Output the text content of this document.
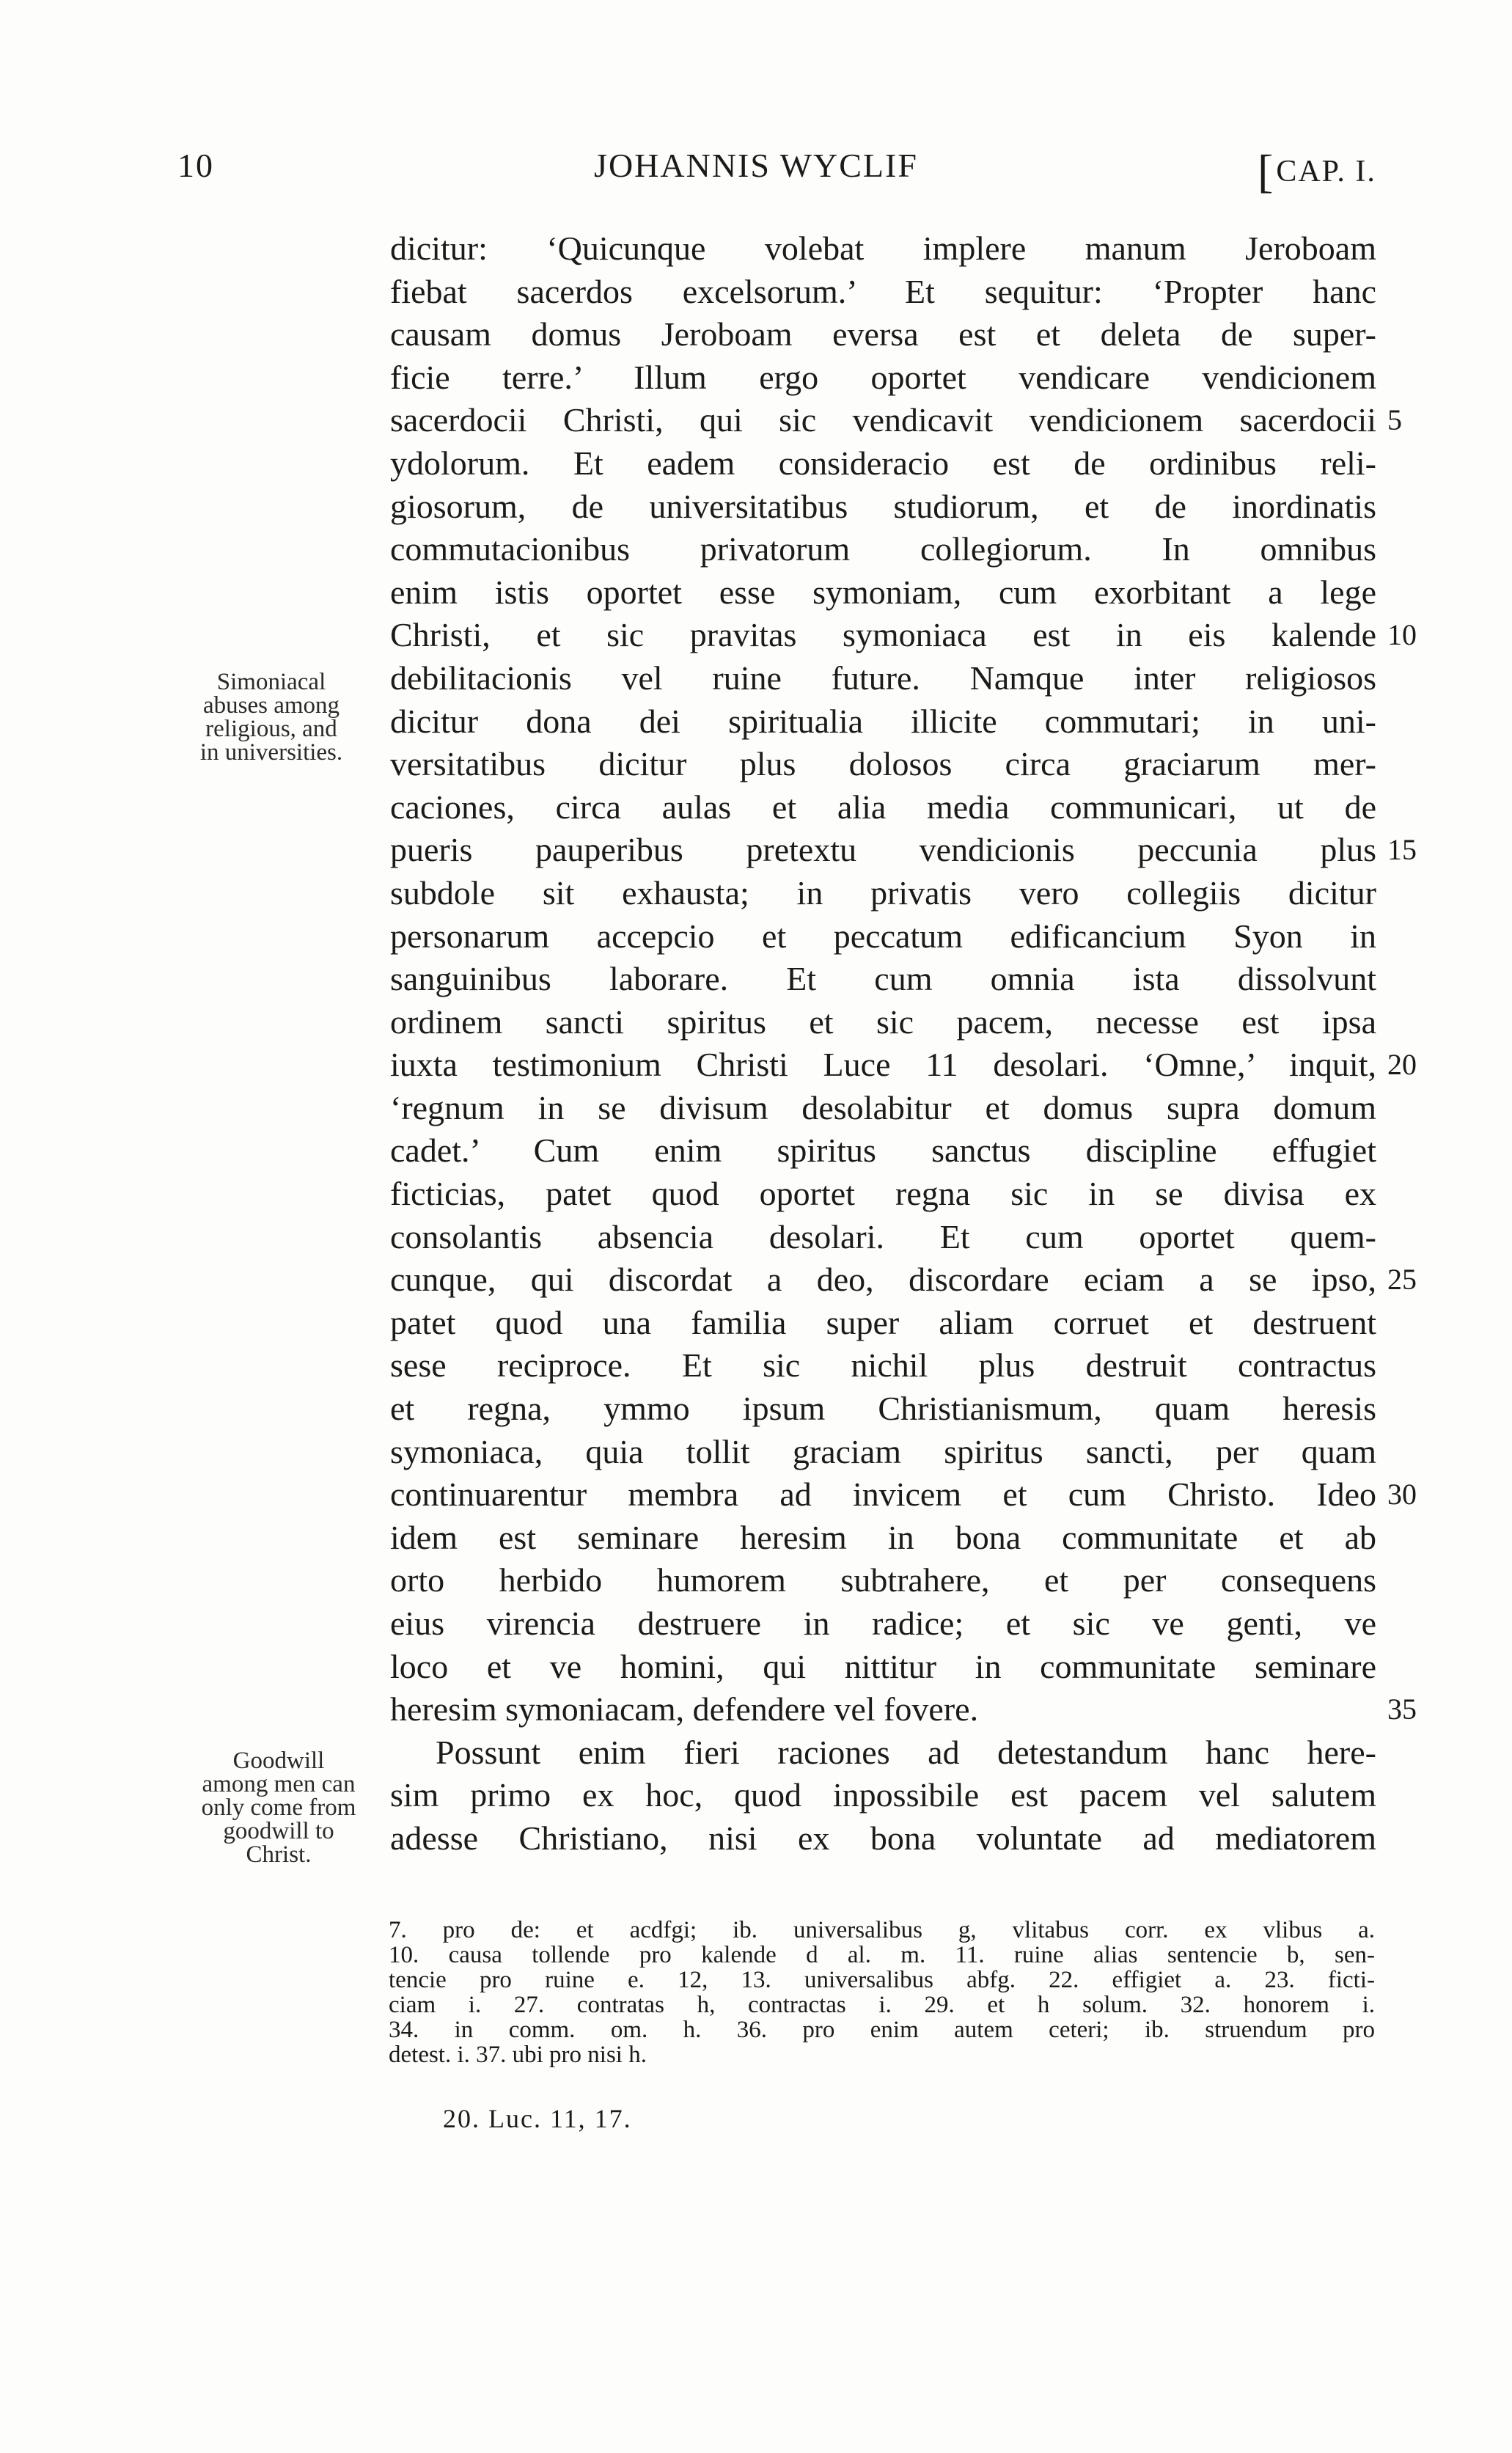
10	JOHANNIS WYCLIF	[CAP. I.
dicitur: ‘Quicunque volebat implere manum Jeroboam
fiebat sacerdos excelsorum.’ Et sequitur: ‘Propter hanc
causam domus Jeroboam eversa est et deleta de super-
ficie terre.’ Illum ergo oportet vendicare vendicionem
sacerdocii Christi, qui sic vendicavit vendicionem sacerdocii 5
ydolorum. Et eadem consideracio est de ordinibus reli-
giosorum, de universitatibus studiorum, et de inordinatis
commutacionibus privatorum collegiorum. In omnibus
enim istis oportet esse symoniam, cum exorbitant a lege
Christi, et sic pravitas symoniaca est in eis kalende 10
debilitacionis vel ruine future. Namque inter religiosos
dicitur dona dei spiritualia illicite commutari; in uni-
versitatibus dicitur plus dolosos circa graciarum mer-
caciones, circa aulas et alia media communicari, ut de
pueris pauperibus pretextu vendicionis peccunia plus 15
subdole sit exhausta; in privatis vero collegiis dicitur
personarum accepcio et peccatum edificancium Syon in
sanguinibus laborare. Et cum omnia ista dissolvunt
ordinem sancti spiritus et sic pacem, necesse est ipsa
iuxta testimonium Christi Luce 11 desolari. ‘Omne,’ inquit, 20
‘regnum in se divisum desolabitur et domus supra domum
cadet.’ Cum enim spiritus sanctus discipline effugiet
ficticias, patet quod oportet regna sic in se divisa ex
consolantis absencia desolari. Et cum oportet quem-
cunque, qui discordat a deo, discordare eciam a se ipso, 25
patet quod una familia super aliam corruet et destruent
sese reciproce. Et sic nichil plus destruit contractus
et regna, ymmo ipsum Christianismum, quam heresis
symoniaca, quia tollit graciam spiritus sancti, per quam
continuarentur membra ad invicem et cum Christo. Ideo 30
idem est seminare heresim in bona communitate et ab
orto herbido humorem subtrahere, et per consequens
eius virencia destruere in radice; et sic ve genti, ve
loco et ve homini, qui nittitur in communitate seminare
heresim symoniacam, defendere vel fovere.	35
Possunt enim fieri raciones ad detestandum hanc here-
sim primo ex hoc, quod inpossibile est pacem vel salutem
adesse Christiano, nisi ex bona voluntate ad mediatorem
Simoniacal
abuses among
religious, and
in universities.
Goodwill
among men can
only come from
goodwill to
Christ.
7. pro de: et acdfgi; ib. universalibus g, vlitabus corr. ex vlibus a.
10. causa tollende pro kalende d al. m. 11. ruine alias sentencie b, sen-
tencie pro ruine e. 12, 13. universalibus abfg. 22. effigiet a. 23. ficti-
ciam i. 27. contratas h, contractas i. 29. et h solum. 32. honorem i.
34. in comm. om. h. 36. pro enim autem ceteri; ib. struendum pro
detest. i. 37. ubi pro nisi h.
20. Luc. 11, 17.
